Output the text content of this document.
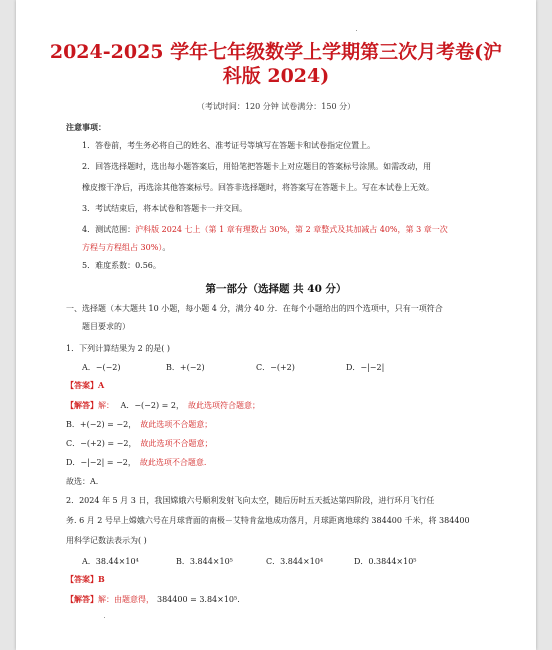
2024-2025 学年七年级数学上学期第三次月考卷(沪
科版 2024)
（考试时间：120 分钟 试卷满分：150 分）
注意事项：
1．答卷前，考生务必将自己的姓名、准考证号等填写在答题卡和试卷指定位置上。
2．回答选择题时，选出每小题答案后，用铅笔把答题卡上对应题目的答案标号涂黑。如需改动，用
橡皮擦干净后，再选涂其他答案标号。回答非选择题时，将答案写在答题卡上。写在本试卷上无效。
3．考试结束后，将本试卷和答题卡一并交回。
4．测试范围：沪科版 2024 七上（第 1 章有理数占 30%，第 2 章整式及其加减占 40%，第 3 章一次
方程与方程组占 30%）。
5．难度系数：0.56。
第一部分（选择题 共 40 分）
一、选择题（本大题共 10 小题，每小题 4 分，满分 40 分．在每个小题给出的四个选项中，只有一项符合
题目要求的）
1．下列计算结果为 2 的是( )
A．−(−2)	B．+(−2)	C．−(+2)	D．−|−2|
【答案】A
【解答】解： A．−(−2) = 2， 故此选项符合题意；
B．+(−2) = −2， 故此选项不合题意；
C．−(+2) = −2， 故此选项不合题意；
D．−|−2| = −2， 故此选项不合题意.
故选：A．
2．2024 年 5 月 3 日，我国嫦娥六号顺利发射飞向太空，随后历时五天抵达第四阶段，进行环月飞行任
务. 6 月 2 号早上嫦娥六号在月球背面的南极－艾特肯盆地成功落月，月球距离地球约 384400 千米，将 384400
用科学记数法表示为( )
A．38.44×10⁴	B．3.844×10⁵	C．3.844×10⁴	D．0.3844×10⁵
【答案】B
【解答】解：由题意得， 384400 = 3.84×10⁵.
